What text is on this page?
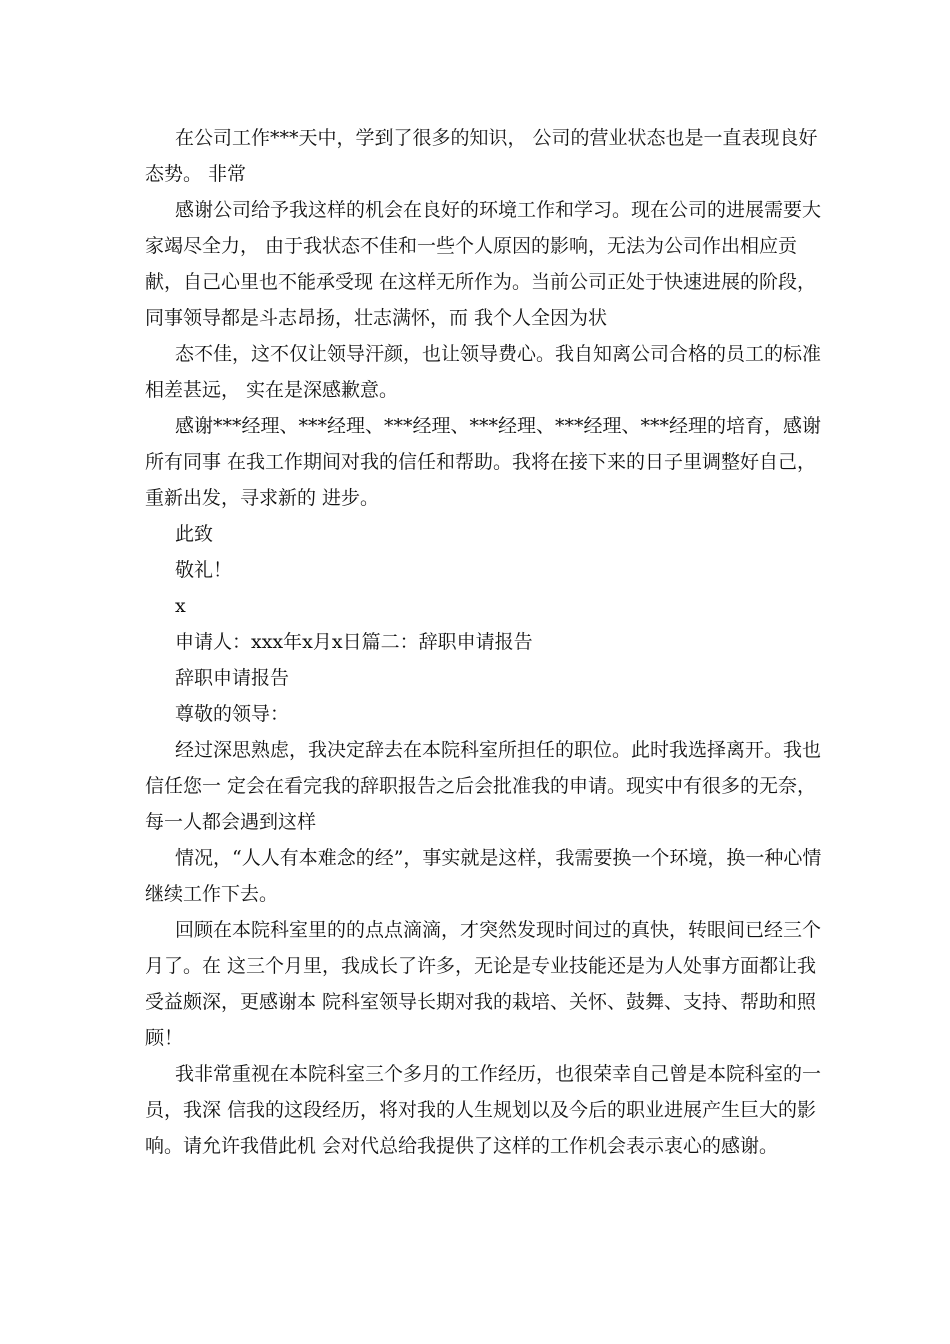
在公司工作***天中，学到了很多的知识， 公司的营业状态也是一直表现良好态势。 非常

感谢公司给予我这样的机会在良好的环境工作和学习。现在公司的进展需要大家竭尽全力， 由于我状态不佳和一些个人原因的影响，无法为公司作出相应贡献，自己心里也不能承受现 在这样无所作为。当前公司正处于快速进展的阶段，同事领导都是斗志昂扬，壮志满怀，而 我个人全因为状

态不佳，这不仅让领导汗颜，也让领导费心。我自知离公司合格的员工的标准相差甚远， 实在是深感歉意。

感谢***经理、***经理、***经理、***经理、***经理、***经理的培育，感谢所有同事 在我工作期间对我的信任和帮助。我将在接下来的日子里调整好自己，重新出发，寻求新的 进步。

此致

敬礼！

x

申请人：xxx年x月x日篇二：辞职申请报告

辞职申请报告

尊敬的领导：

经过深思熟虑，我决定辞去在本院科室所担任的职位。此时我选择离开。我也信任您一 定会在看完我的辞职报告之后会批准我的申请。现实中有很多的无奈，每一人都会遇到这样

情况，“人人有本难念的经”，事实就是这样，我需要换一个环境，换一种心情继续工作下去。

回顾在本院科室里的的点点滴滴，才突然发现时间过的真快，转眼间已经三个月了。在 这三个月里，我成长了许多，无论是专业技能还是为人处事方面都让我受益颇深，更感谢本 院科室领导长期对我的栽培、关怀、鼓舞、支持、帮助和照顾！

我非常重视在本院科室三个多月的工作经历，也很荣幸自己曾是本院科室的一员，我深 信我的这段经历，将对我的人生规划以及今后的职业进展产生巨大的影响。请允许我借此机 会对代总给我提供了这样的工作机会表示衷心的感谢。
